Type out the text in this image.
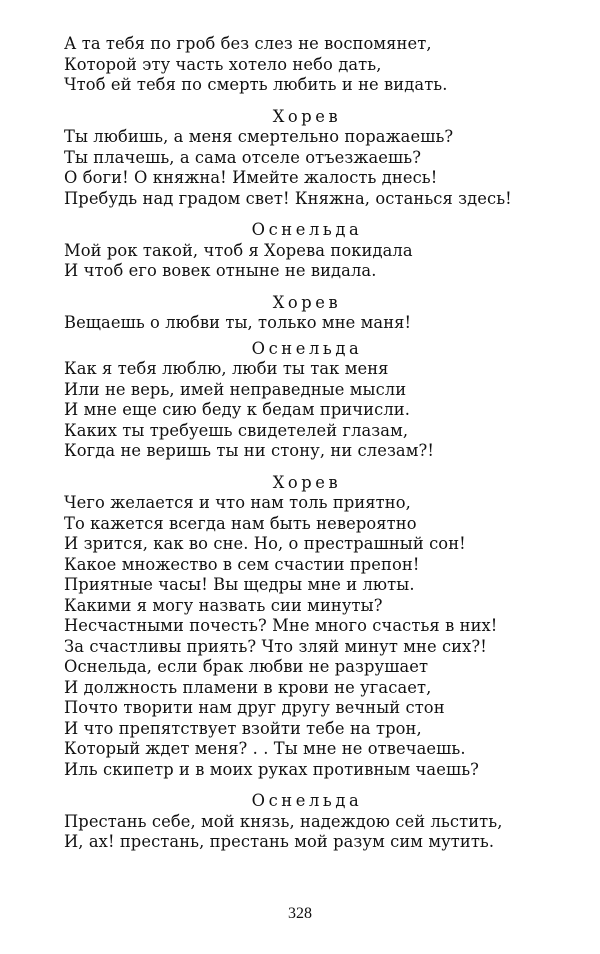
А та тебя по гроб без слез не воспомянет,
Которой эту часть хотело небо дать,
Чтоб ей тебя по смерть любить и не видать.
Хорев
Ты любишь, а меня смертельно поражаешь?
Ты плачешь, а сама отселе отъезжаешь?
О боги! О княжна! Имейте жалость днесь!
Пребудь над градом свет! Княжна, останься здесь!
Оснельда
Мой рок такой, чтоб я Хорева покидала
И чтоб его вовек отныне не видала.
Хорев
Вещаешь о любви ты, только мне маня!
Оснельда
Как я тебя люблю, люби ты так меня
Или не верь, имей неправедные мысли
И мне еще сию беду к бедам причисли.
Каких ты требуешь свидетелей глазам,
Когда не веришь ты ни стону, ни слезам?!
Хорев
Чего желается и что нам толь приятно,
То кажется всегда нам быть невероятно
И зрится, как во сне. Но, о престрашный сон!
Какое множество в сем счастии препон!
Приятные часы! Вы щедры мне и люты.
Какими я могу назвать сии минуты?
Несчастными почесть? Мне много счастья в них!
За счастливы приять? Что зляй минут мне сих?!
Оснельда, если брак любви не разрушает
И должность пламени в крови не угасает,
Почто творити нам друг другу вечный стон
И что препятствует взойти тебе на трон,
Который ждет меня? . . Ты мне не отвечаешь.
Иль скипетр и в моих руках противным чаешь?
Оснельда
Престань себе, мой князь, надеждою сей льстить,
И, ах! престань, престань мой разум сим мутить.
328
